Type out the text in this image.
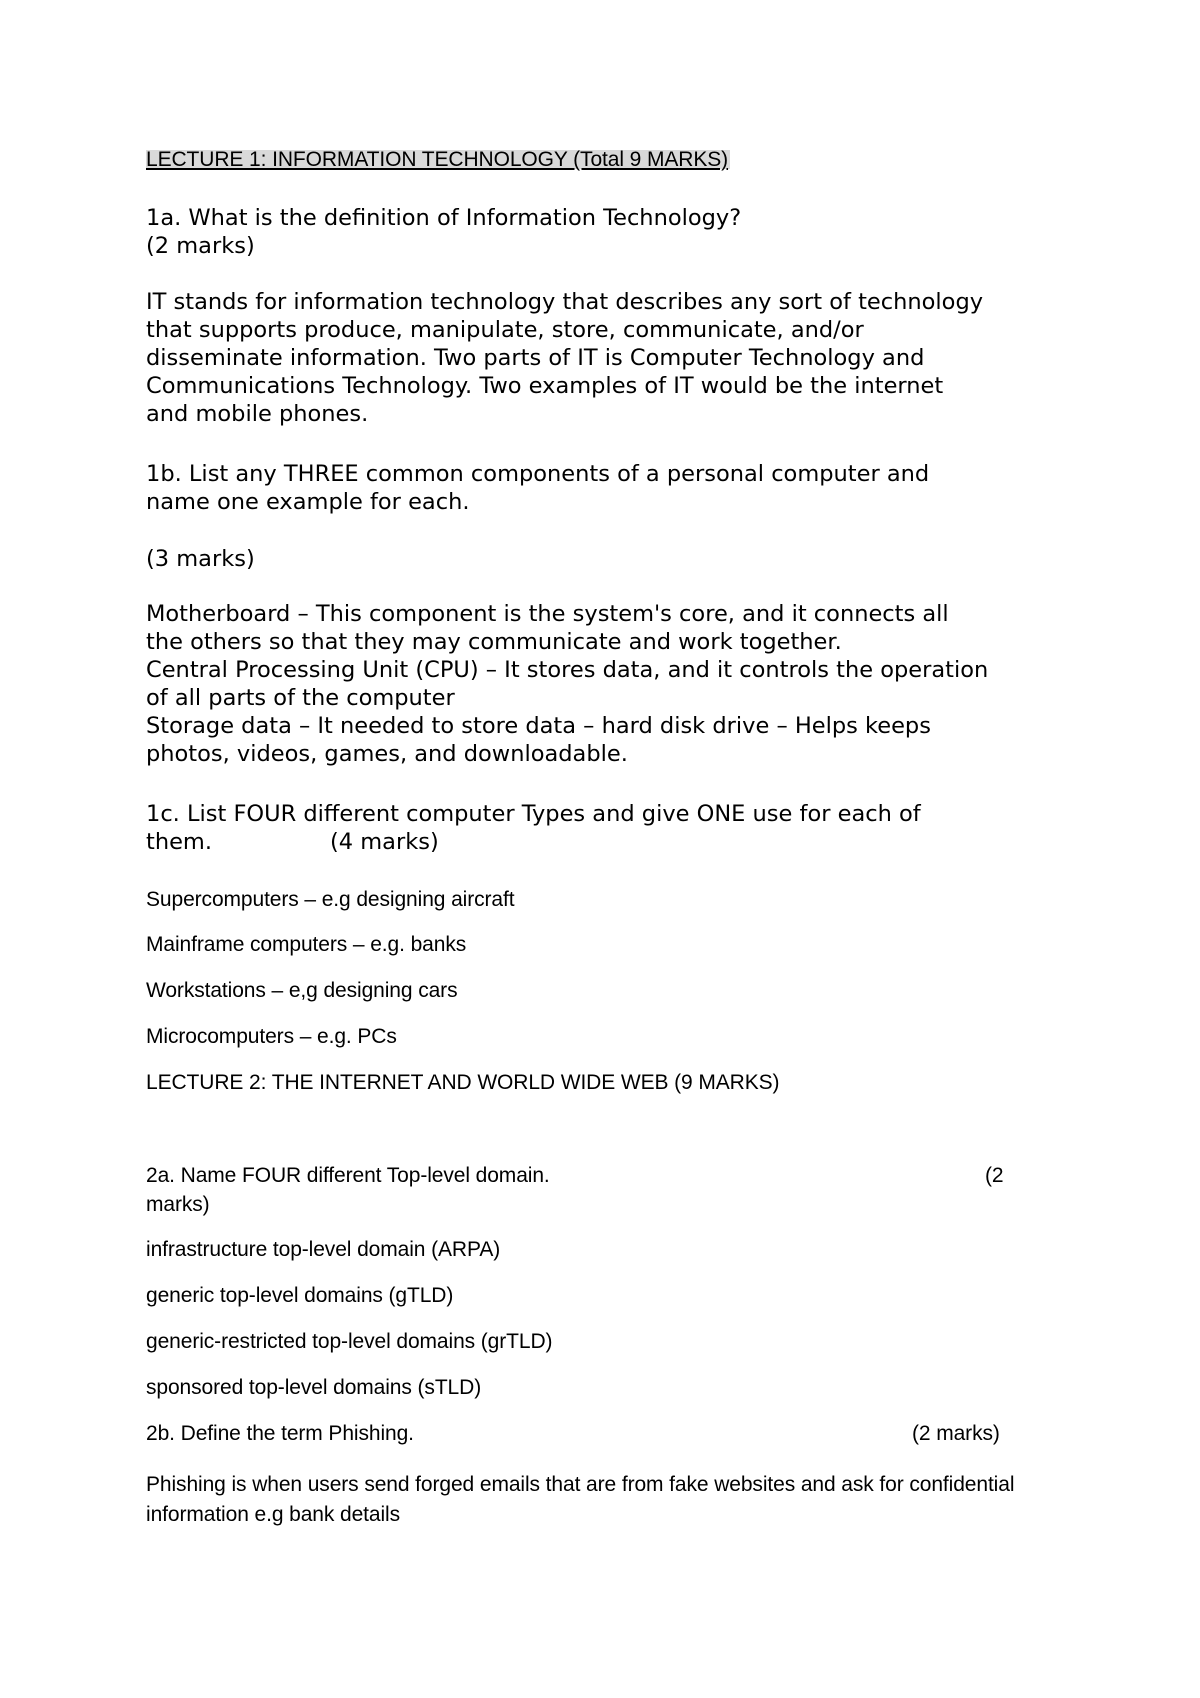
LECTURE 1: INFORMATION TECHNOLOGY (Total 9 MARKS)
1a. What is the definition of Information Technology?
(2 marks)
IT stands for information technology that describes any sort of technology
that supports produce, manipulate, store, communicate, and/or
disseminate information. Two parts of IT is Computer Technology and
Communications Technology. Two examples of IT would be the internet
and mobile phones.
1b. List any THREE common components of a personal computer and
name one example for each.
(3 marks)
Motherboard – This component is the system's core, and it connects all
the others so that they may communicate and work together.
Central Processing Unit (CPU) – It stores data, and it controls the operation
of all parts of the computer
Storage data – It needed to store data – hard disk drive – Helps keeps
photos, videos, games, and downloadable.
1c. List FOUR different computer Types and give ONE use for each of
them.	(4 marks)
Supercomputers – e.g designing aircraft
Mainframe computers – e.g. banks
Workstations – e,g designing cars
Microcomputers – e.g. PCs
LECTURE 2: THE INTERNET AND WORLD WIDE WEB (9 MARKS)
2a. Name FOUR different Top-level domain.	(2
marks)
infrastructure top-level domain (ARPA)
generic top-level domains (gTLD)
generic-restricted top-level domains (grTLD)
sponsored top-level domains (sTLD)
2b. Define the term Phishing.	(2 marks)
Phishing is when users send forged emails that are from fake websites and ask for confidential
information e.g bank details
